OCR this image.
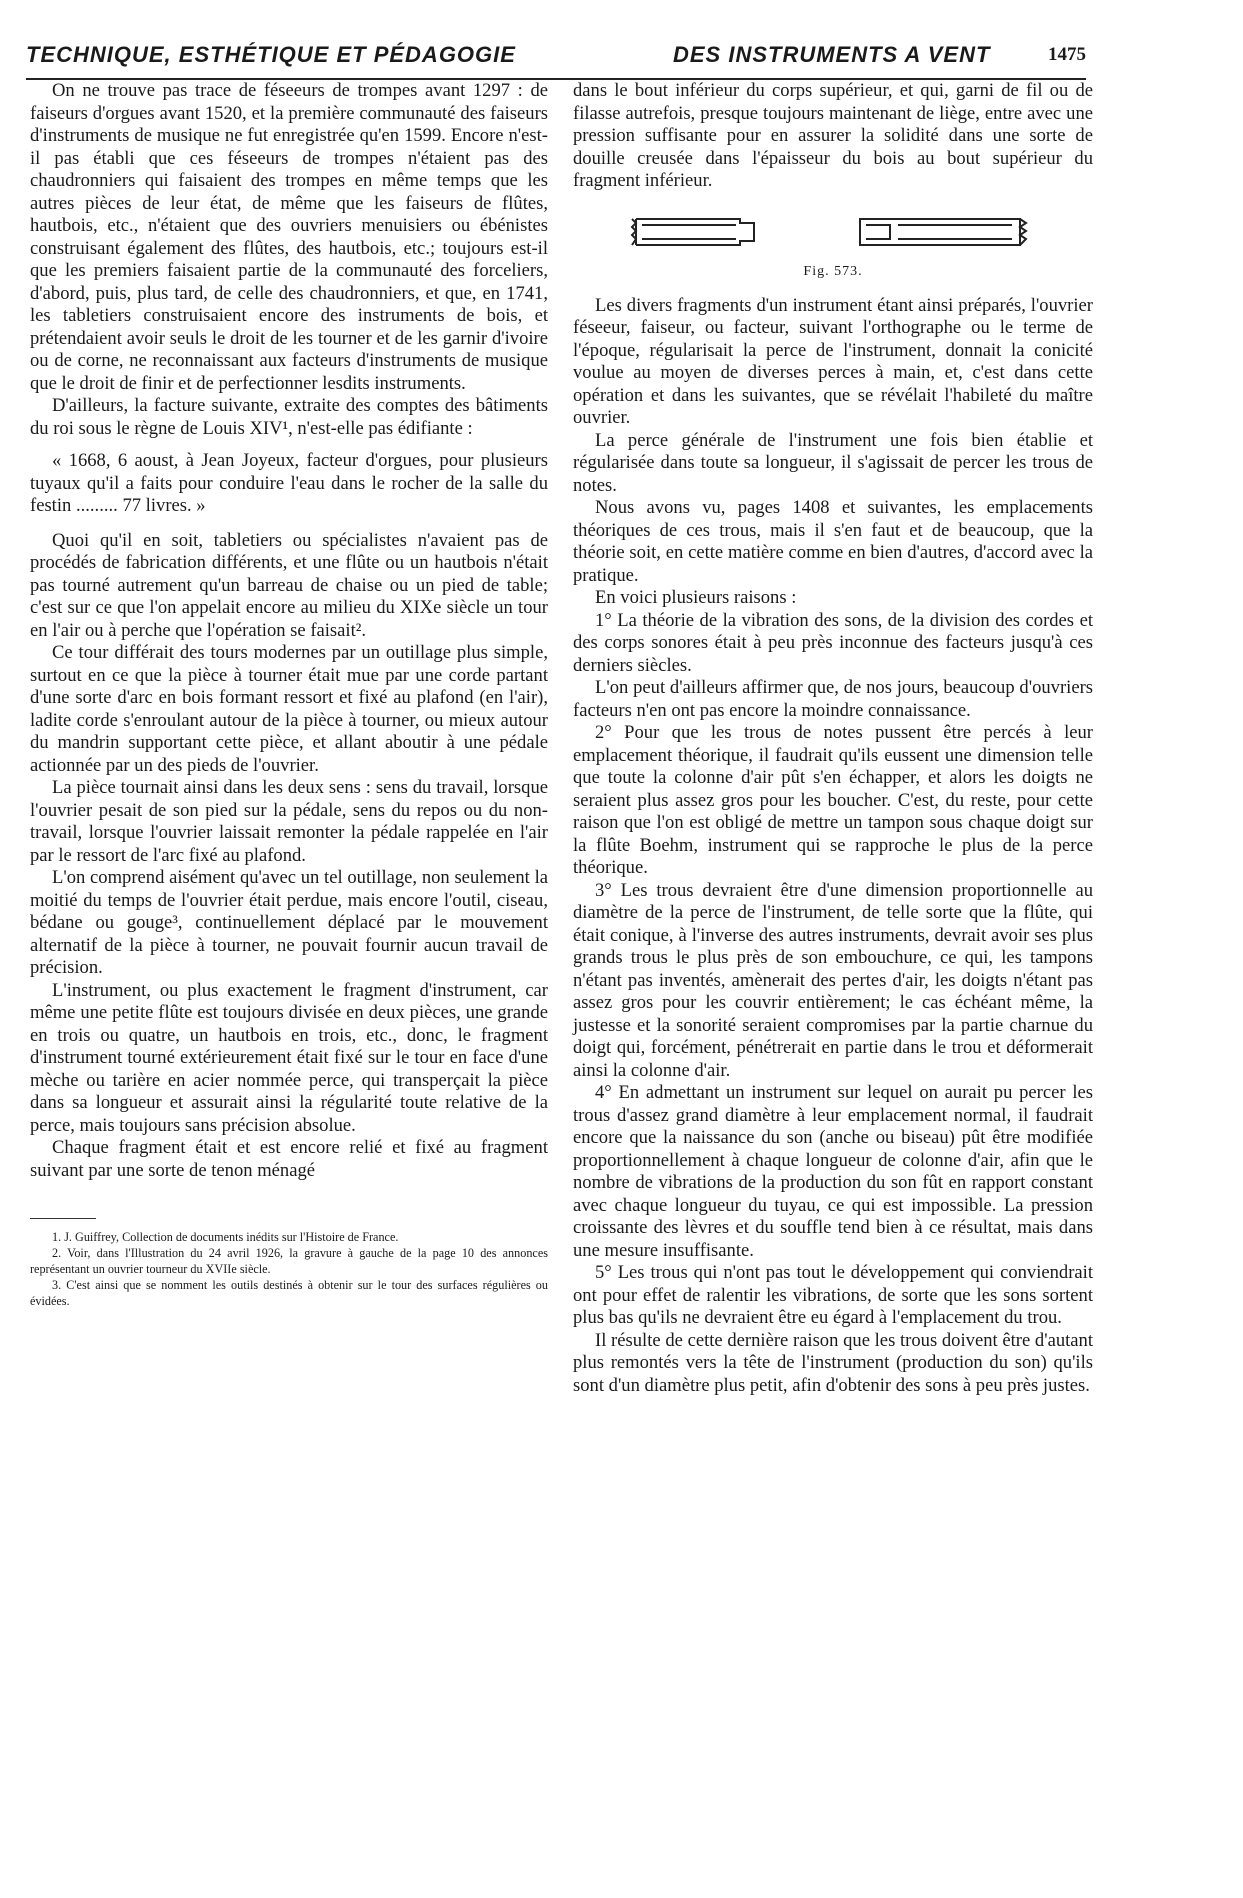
TECHNIQUE, ESTHÉTIQUE ET PÉDAGOGIE	DES INSTRUMENTS A VENT	1475

On ne trouve pas trace de féseeurs de trompes avant 1297 : de faiseurs d'orgues avant 1520, et la première communauté des faiseurs d'instruments de musique ne fut enregistrée qu'en 1599. Encore n'est-il pas établi que ces féseeurs de trompes n'étaient pas des chaudronniers qui faisaient des trompes en même temps que les autres pièces de leur état, de même que les faiseurs de flûtes, hautbois, etc., n'étaient que des ouvriers menuisiers ou ébénistes construisant également des flûtes, des hautbois, etc.; toujours est-il que les premiers faisaient partie de la communauté des forceliers, d'abord, puis, plus tard, de celle des chaudronniers, et que, en 1741, les tabletiers construisaient encore des instruments de bois, et prétendaient avoir seuls le droit de les tourner et de les garnir d'ivoire ou de corne, ne reconnaissant aux facteurs d'instruments de musique que le droit de finir et de perfectionner lesdits instruments.

D'ailleurs, la facture suivante, extraite des comptes des bâtiments du roi sous le règne de Louis XIV¹, n'est-elle pas édifiante :

« 1668, 6 aoust, à Jean Joyeux, facteur d'orgues, pour plusieurs tuyaux qu'il a faits pour conduire l'eau dans le rocher de la salle du festin ......... 77 livres. »

Quoi qu'il en soit, tabletiers ou spécialistes n'avaient pas de procédés de fabrication différents, et une flûte ou un hautbois n'était pas tourné autrement qu'un barreau de chaise ou un pied de table; c'est sur ce que l'on appelait encore au milieu du XIXe siècle un tour en l'air ou à perche que l'opération se faisait².

Ce tour différait des tours modernes par un outillage plus simple, surtout en ce que la pièce à tourner était mue par une corde partant d'une sorte d'arc en bois formant ressort et fixé au plafond (en l'air), ladite corde s'enroulant autour de la pièce à tourner, ou mieux autour du mandrin supportant cette pièce, et allant aboutir à une pédale actionnée par un des pieds de l'ouvrier.

La pièce tournait ainsi dans les deux sens : sens du travail, lorsque l'ouvrier pesait de son pied sur la pédale, sens du repos ou du non-travail, lorsque l'ouvrier laissait remonter la pédale rappelée en l'air par le ressort de l'arc fixé au plafond.

L'on comprend aisément qu'avec un tel outillage, non seulement la moitié du temps de l'ouvrier était perdue, mais encore l'outil, ciseau, bédane ou gouge³, continuellement déplacé par le mouvement alternatif de la pièce à tourner, ne pouvait fournir aucun travail de précision.

L'instrument, ou plus exactement le fragment d'instrument, car même une petite flûte est toujours divisée en deux pièces, une grande en trois ou quatre, un hautbois en trois, etc., donc, le fragment d'instrument tourné extérieurement était fixé sur le tour en face d'une mèche ou tarière en acier nommée perce, qui transperçait la pièce dans sa longueur et assurait ainsi la régularité toute relative de la perce, mais toujours sans précision absolue.

Chaque fragment était et est encore relié et fixé au fragment suivant par une sorte de tenon ménagé

1. J. Guiffrey, Collection de documents inédits sur l'Histoire de France.

2. Voir, dans l'Illustration du 24 avril 1926, la gravure à gauche de la page 10 des annonces représentant un ouvrier tourneur du XVIIe siècle.

3. C'est ainsi que se nomment les outils destinés à obtenir sur le tour des surfaces régulières ou évidées.

dans le bout inférieur du corps supérieur, et qui, garni de fil ou de filasse autrefois, presque toujours maintenant de liège, entre avec une pression suffisante pour en assurer la solidité dans une sorte de douille creusée dans l'épaisseur du bois au bout supérieur du fragment inférieur.

Fig. 573.

Les divers fragments d'un instrument étant ainsi préparés, l'ouvrier féseeur, faiseur, ou facteur, suivant l'orthographe ou le terme de l'époque, régularisait la perce de l'instrument, donnait la conicité voulue au moyen de diverses perces à main, et, c'est dans cette opération et dans les suivantes, que se révélait l'habileté du maître ouvrier.

La perce générale de l'instrument une fois bien établie et régularisée dans toute sa longueur, il s'agissait de percer les trous de notes.

Nous avons vu, pages 1408 et suivantes, les emplacements théoriques de ces trous, mais il s'en faut et de beaucoup, que la théorie soit, en cette matière comme en bien d'autres, d'accord avec la pratique.

En voici plusieurs raisons :

1° La théorie de la vibration des sons, de la division des cordes et des corps sonores était à peu près inconnue des facteurs jusqu'à ces derniers siècles.

L'on peut d'ailleurs affirmer que, de nos jours, beaucoup d'ouvriers facteurs n'en ont pas encore la moindre connaissance.

2° Pour que les trous de notes pussent être percés à leur emplacement théorique, il faudrait qu'ils eussent une dimension telle que toute la colonne d'air pût s'en échapper, et alors les doigts ne seraient plus assez gros pour les boucher. C'est, du reste, pour cette raison que l'on est obligé de mettre un tampon sous chaque doigt sur la flûte Boehm, instrument qui se rapproche le plus de la perce théorique.

3° Les trous devraient être d'une dimension proportionnelle au diamètre de la perce de l'instrument, de telle sorte que la flûte, qui était conique, à l'inverse des autres instruments, devrait avoir ses plus grands trous le plus près de son embouchure, ce qui, les tampons n'étant pas inventés, amènerait des pertes d'air, les doigts n'étant pas assez gros pour les couvrir entièrement; le cas échéant même, la justesse et la sonorité seraient compromises par la partie charnue du doigt qui, forcément, pénétrerait en partie dans le trou et déformerait ainsi la colonne d'air.

4° En admettant un instrument sur lequel on aurait pu percer les trous d'assez grand diamètre à leur emplacement normal, il faudrait encore que la naissance du son (anche ou biseau) pût être modifiée proportionnellement à chaque longueur de colonne d'air, afin que le nombre de vibrations de la production du son fût en rapport constant avec chaque longueur du tuyau, ce qui est impossible. La pression croissante des lèvres et du souffle tend bien à ce résultat, mais dans une mesure insuffisante.

5° Les trous qui n'ont pas tout le développement qui conviendrait ont pour effet de ralentir les vibrations, de sorte que les sons sortent plus bas qu'ils ne devraient être eu égard à l'emplacement du trou.

Il résulte de cette dernière raison que les trous doivent être d'autant plus remontés vers la tête de l'instrument (production du son) qu'ils sont d'un diamètre plus petit, afin d'obtenir des sons à peu près justes.
